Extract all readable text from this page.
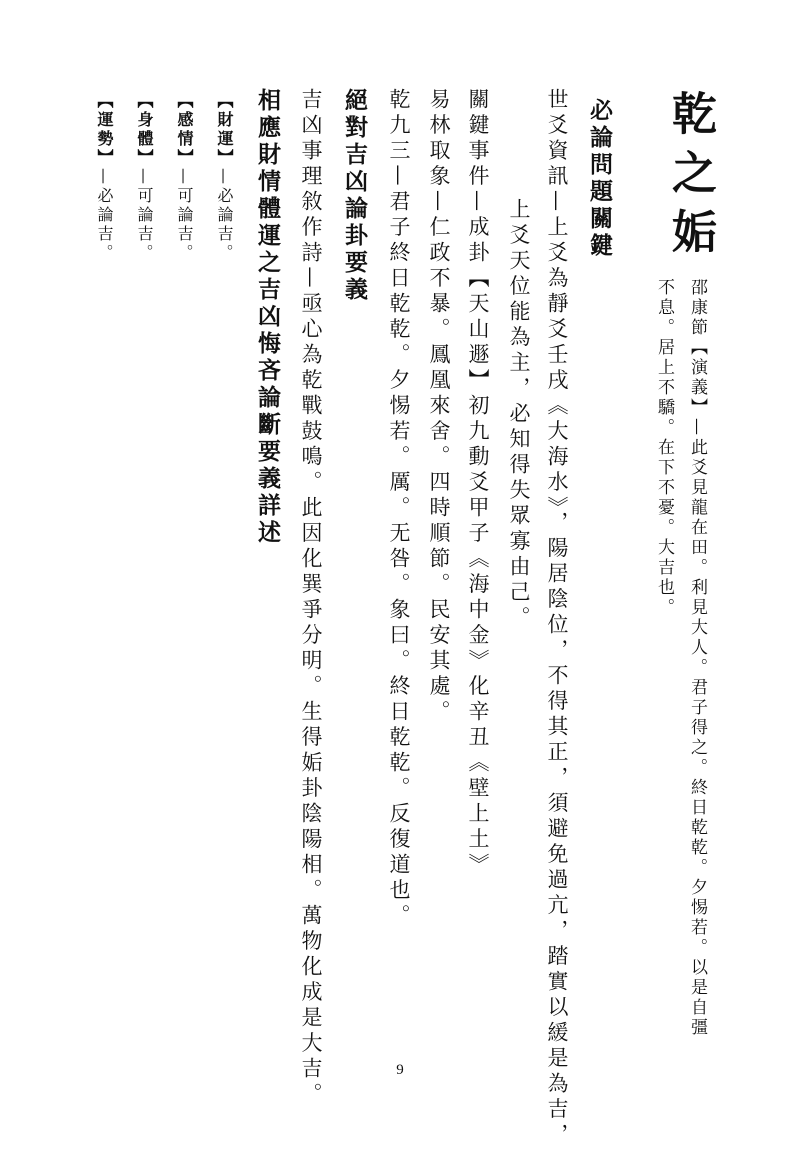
乾之姤

邵康節【演義】—此爻見龍在田。利見大人。君子得之。終日乾乾。夕惕若。以是自彊

不息。居上不驕。在下不憂。大吉也。

必論問題關鍵

世爻資訊—上爻為靜爻壬戌《大海水》，陽居陰位，不得其正，須避免過亢，踏實以緩是為吉，

上爻天位能為主，必知得失眾寡由己。

關鍵事件—成卦【天山遯】初九動爻甲子《海中金》化辛丑《壁上土》

易林取象—仁政不暴。鳳凰來舍。四時順節。民安其處。

乾九三—君子終日乾乾。夕惕若。厲。无咎。象曰。終日乾乾。反復道也。

絕對吉凶論卦要義

吉凶事理敘作詩—亟心為乾戰鼓鳴。此因化巽爭分明。生得姤卦陰陽相。萬物化成是大吉。

相應財情體運之吉凶悔吝論斷要義詳述

【財運】—必論吉。

【感情】—可論吉。

【身體】—可論吉。

【運勢】—必論吉。

9
